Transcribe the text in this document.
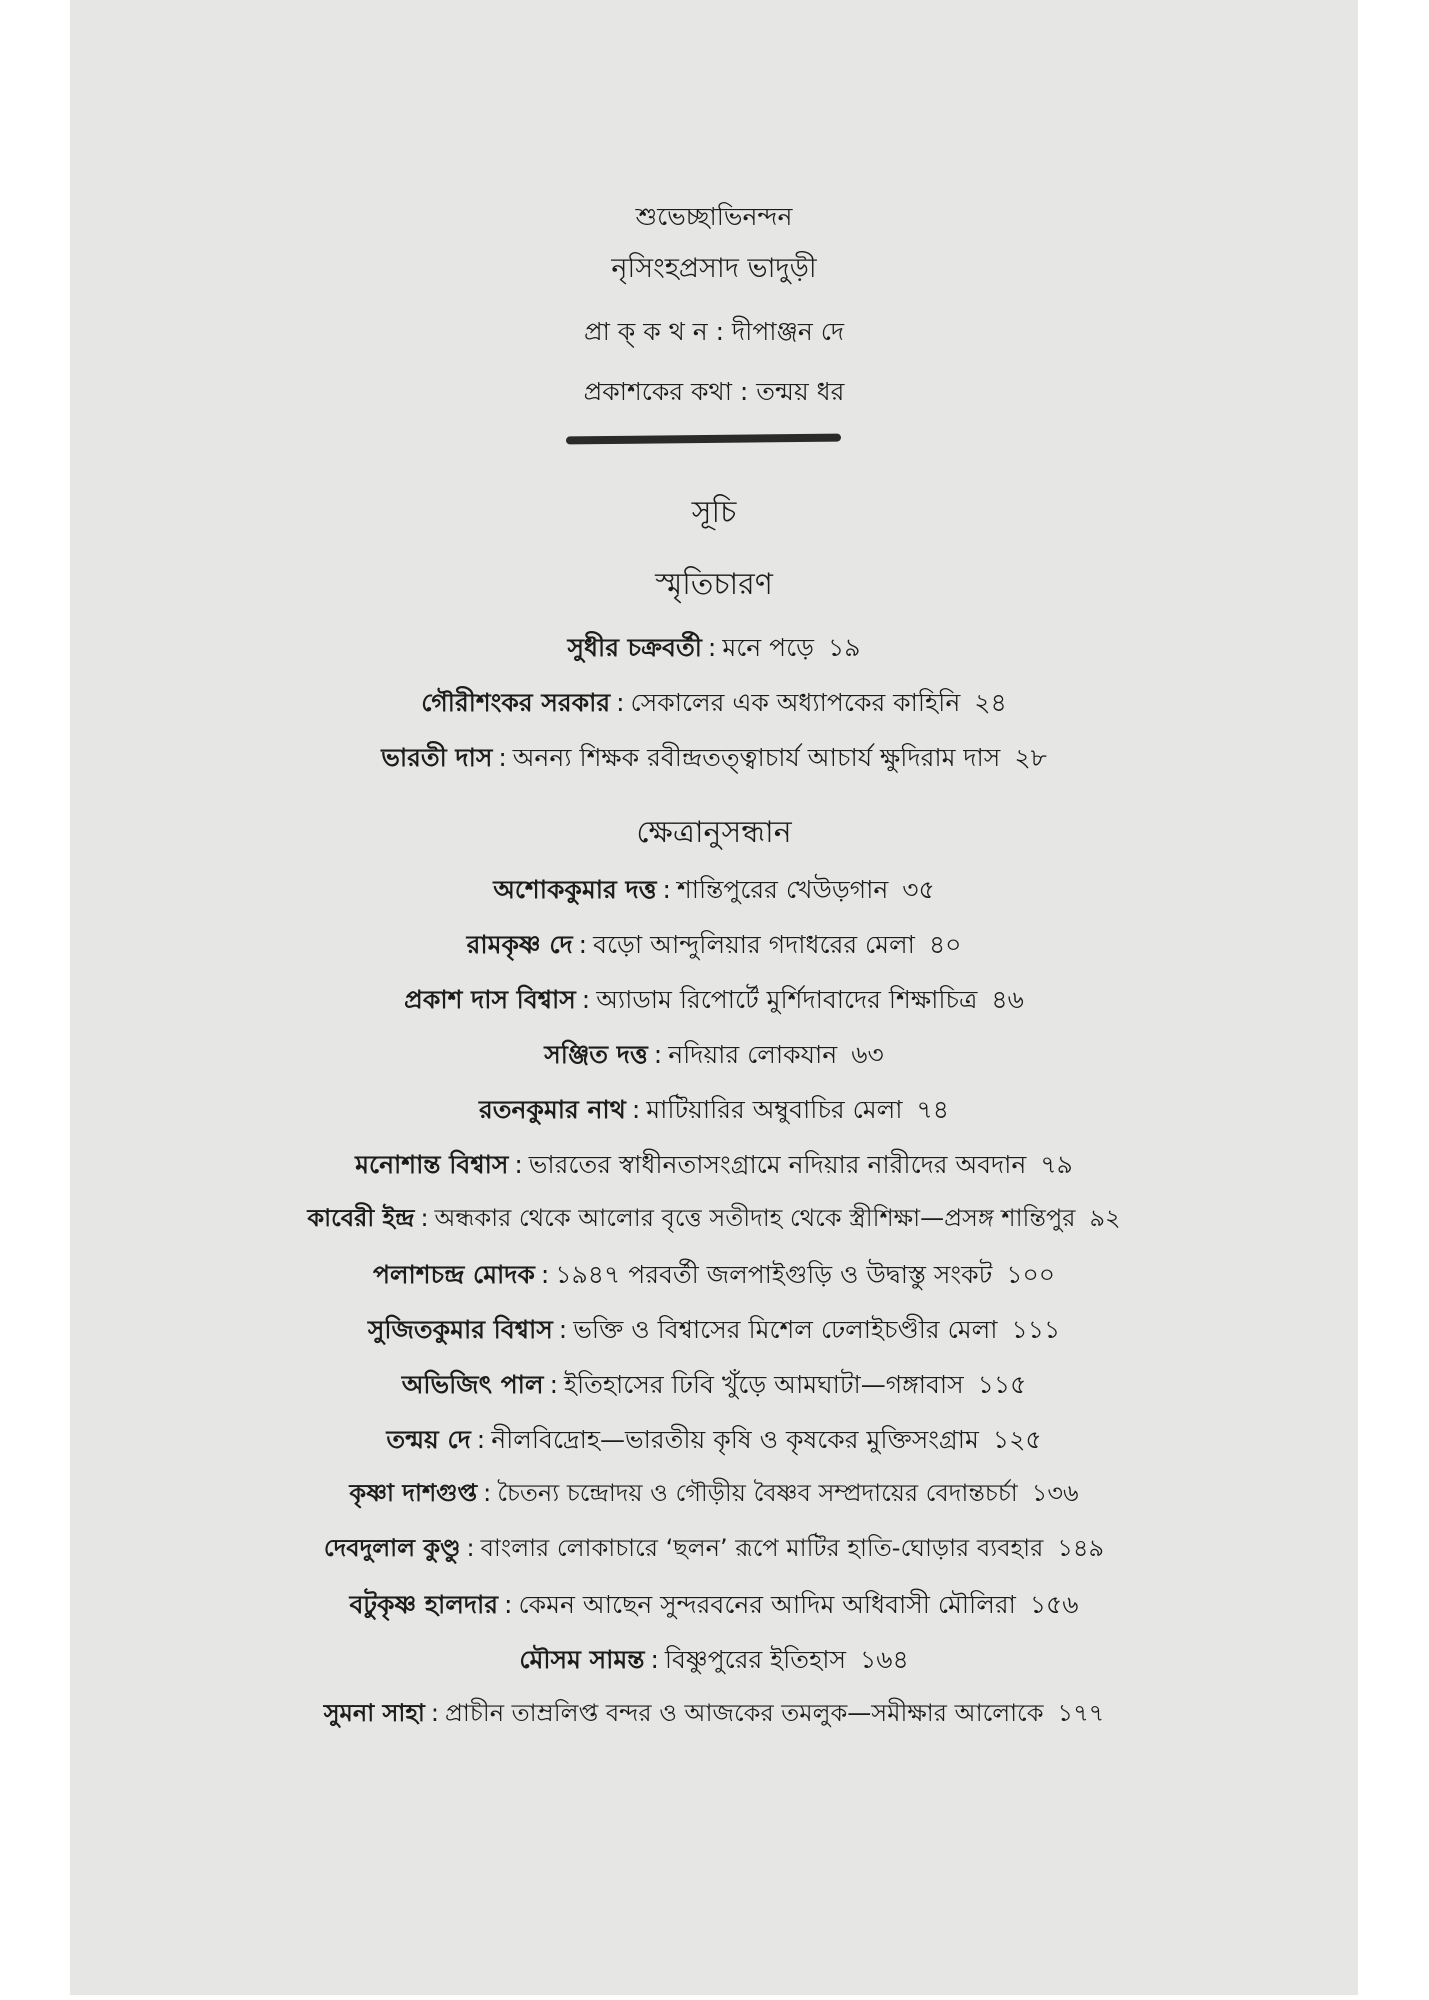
শুভেচ্ছাভিনন্দন
নৃসিংহপ্রসাদ ভাদুড়ী
প্রা ক্ ক থ ন : দীপাঞ্জন দে
প্রকাশকের কথা : তন্ময় ধর
সূচি
স্মৃতিচারণ
সুধীর চক্রবর্তী : মনে পড়ে ১৯
গৌরীশংকর সরকার : সেকালের এক অধ্যাপকের কাহিনি ২৪
ভারতী দাস : অনন্য শিক্ষক রবীন্দ্রতত্ত্বাচার্য আচার্য ক্ষুদিরাম দাস ২৮
ক্ষেত্রানুসন্ধান
অশোককুমার দত্ত : শান্তিপুরের খেউড়গান ৩৫
রামকৃষ্ণ দে : বড়ো আন্দুলিয়ার গদাধরের মেলা ৪০
প্রকাশ দাস বিশ্বাস : অ্যাডাম রিপোর্টে মুর্শিদাবাদের শিক্ষাচিত্র ৪৬
সঞ্জিত দত্ত : নদিয়ার লোকযান ৬৩
রতনকুমার নাথ : মাটিয়ারির অম্বুবাচির মেলা ৭৪
মনোশান্ত বিশ্বাস : ভারতের স্বাধীনতাসংগ্রামে নদিয়ার নারীদের অবদান ৭৯
কাবেরী ইন্দ্র : অন্ধকার থেকে আলোর বৃত্তে সতীদাহ থেকে স্ত্রীশিক্ষা—প্রসঙ্গ শান্তিপুর ৯২
পলাশচন্দ্র মোদক : ১৯৪৭ পরবর্তী জলপাইগুড়ি ও উদ্বাস্তু সংকট ১০০
সুজিতকুমার বিশ্বাস : ভক্তি ও বিশ্বাসের মিশেল ঢেলাইচণ্ডীর মেলা ১১১
অভিজিৎ পাল : ইতিহাসের ঢিবি খুঁড়ে আমঘাটা—গঙ্গাবাস ১১৫
তন্ময় দে : নীলবিদ্রোহ—ভারতীয় কৃষি ও কৃষকের মুক্তিসংগ্রাম ১২৫
কৃষ্ণা দাশগুপ্ত : চৈতন্য চন্দ্রোদয় ও গৌড়ীয় বৈষ্ণব সম্প্রদায়ের বেদান্তচর্চা ১৩৬
দেবদুলাল কুণ্ডু : বাংলার লোকাচারে ‘ছলন’ রূপে মাটির হাতি-ঘোড়ার ব্যবহার ১৪৯
বটুকৃষ্ণ হালদার : কেমন আছেন সুন্দরবনের আদিম অধিবাসী মৌলিরা ১৫৬
মৌসম সামন্ত : বিষ্ণুপুরের ইতিহাস ১৬৪
সুমনা সাহা : প্রাচীন তাম্রলিপ্ত বন্দর ও আজকের তমলুক—সমীক্ষার আলোকে ১৭৭
